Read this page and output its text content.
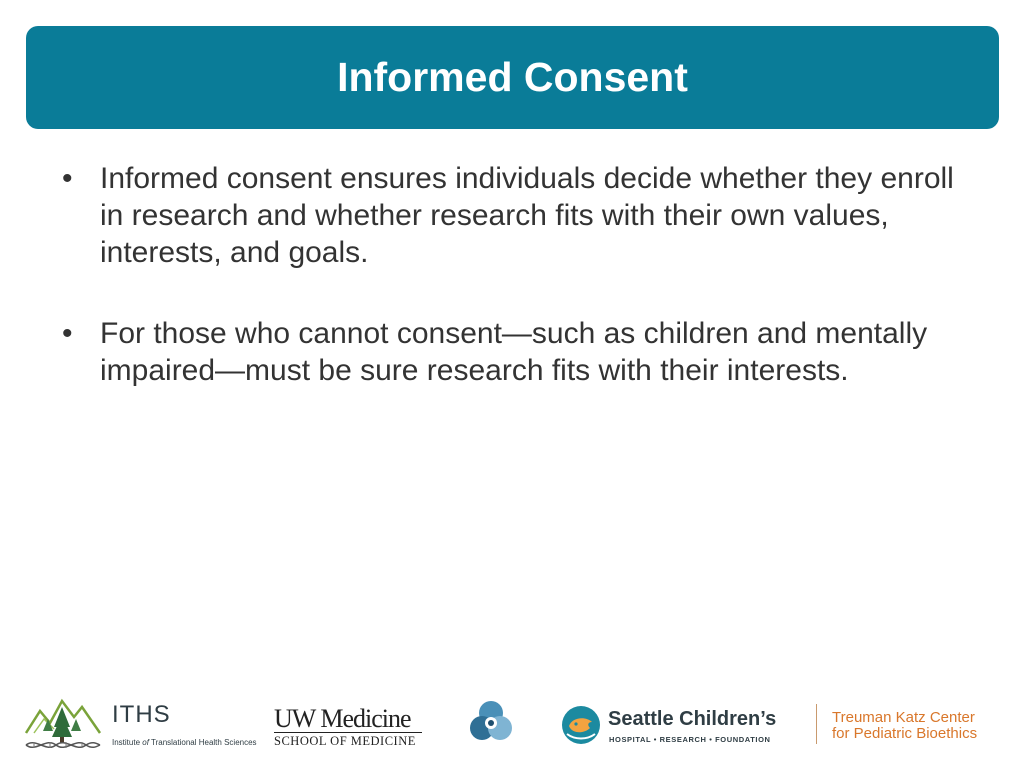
Informed Consent
• Informed consent ensures individuals decide whether they enroll in research and whether research fits with their own values, interests, and goals.
• For those who cannot consent—such as children and mentally impaired—must be sure research fits with their interests.
ITHS
Institute of Translational Health Sciences
UW Medicine
SCHOOL OF MEDICINE
Seattle Children’s
HOSPITAL • RESEARCH • FOUNDATION
Treuman Katz Center
for Pediatric Bioethics
